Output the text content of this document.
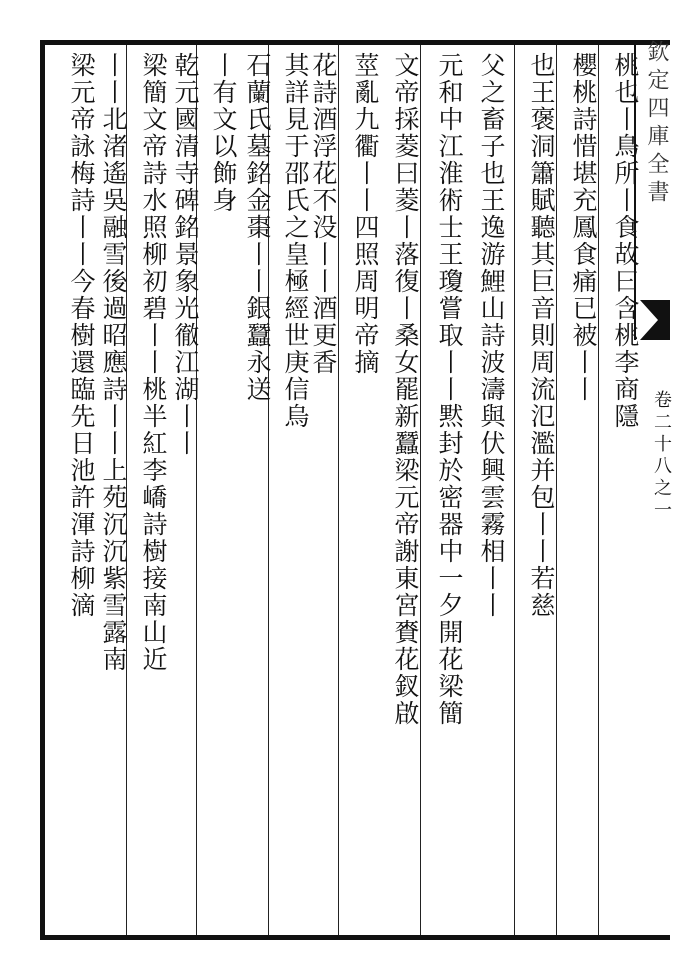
欽定四庫全書
卷二十八之一
桃也丨鳥所丨食故曰含桃李商隱
櫻桃詩惜堪充鳳食痛已被丨丨
也王褒洞簫賦聽其巨音則周流氾濫并包丨丨若慈
父之畜子也王逸游鯉山詩波濤與伏興雲霧相丨丨
元和中江淮術士王瓊嘗取丨丨黙封於密器中一夕開花梁簡
文帝採菱曰菱丨落復丨桑女罷新蠶梁元帝謝東宮賚花釵啟
莖亂九衢丨丨四照周明帝摘
花詩酒浮花不没丨丨酒更香
其詳見于邵氏之皇極經世庚信烏
石蘭氏墓銘金棗丨丨銀蠶永送
丨有文以飾身
乾元國清寺碑銘景象光徹江湖丨丨
梁簡文帝詩水照柳初碧丨丨桃半紅李嶠詩樹接南山近
丨丨北渚遙吳融雪後過昭應詩丨丨上苑沉沉紫雪露南
梁元帝詠梅詩丨丨今春樹還臨先日池許渾詩柳滴
